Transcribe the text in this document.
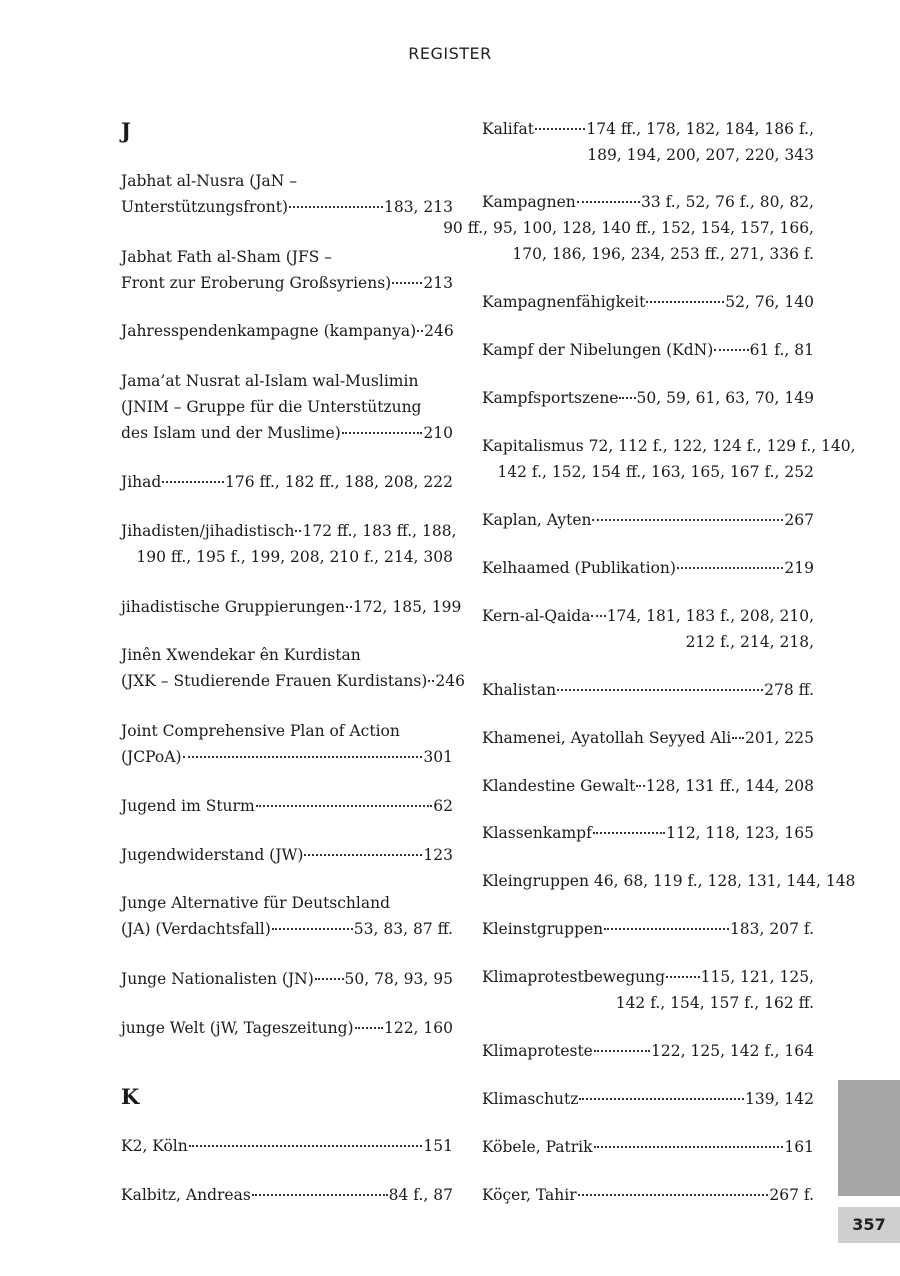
REGISTER
J
K
Jabhat al-Nusra (JaN –
Unterstützungsfront)	183, 213
Jabhat Fath al-Sham (JFS –
Front zur Eroberung Großsyriens) 213
Jahresspendenkampagne (kampanya) 246
Jama’at Nusrat al-Islam wal-Muslimin
(JNIM – Gruppe für die Unterstützung
des Islam und der Muslime)	210
Jihad	176 ff., 182 ff., 188, 208, 222
Jihadisten/jihadistisch 172 ff., 183 ff., 188,
190 ff., 195 f., 199, 208, 210 f., 214, 308
jihadistische Gruppierungen 172, 185, 199
Jinên Xwendekar ên Kurdistan
(JXK – Studierende Frauen Kurdistans) 246
Joint Comprehensive Plan of Action
(JCPoA)	301
Jugend im Sturm	62
Jugendwiderstand (JW)	123
Junge Alternative für Deutschland
(JA) (Verdachtsfall)	53, 83, 87 ff.
Junge Nationalisten (JN) 50, 78, 93, 95
junge Welt (jW, Tageszeitung) 122, 160
K2, Köln	151
Kalbitz, Andreas	84 f., 87
Kalifat	174 ff., 178, 182, 184, 186 f.,
189, 194, 200, 207, 220, 343
Kampagnen	33 f., 52, 76 f., 80, 82,
90 ff., 95, 100, 128, 140 ff., 152, 154, 157, 166,
170, 186, 196, 234, 253 ff., 271, 336 f.
Kampagnenfähigkeit	52, 76, 140
Kampf der Nibelungen (KdN) 61 f., 81
Kampfsportszene 50, 59, 61, 63, 70, 149
Kapitalismus 72, 112 f., 122, 124 f., 129 f., 140,
142 f., 152, 154 ff., 163, 165, 167 f., 252
Kaplan, Ayten	267
Kelhaamed (Publikation)	219
Kern-al-Qaida 174, 181, 183 f., 208, 210,
212 f., 214, 218,
Khalistan	278 ff.
Khamenei, Ayatollah Seyyed Ali 201, 225
Klandestine Gewalt 128, 131 ff., 144, 208
Klassenkampf	112, 118, 123, 165
Kleingruppen 46, 68, 119 f., 128, 131, 144, 148
Kleinstgruppen	183, 207 f.
Klimaprotestbewegung 115, 121, 125,
142 f., 154, 157 f., 162 ff.
Klimaproteste	122, 125, 142 f., 164
Klimaschutz	139, 142
Köbele, Patrik	161
Köçer, Tahir	267 f.
357
